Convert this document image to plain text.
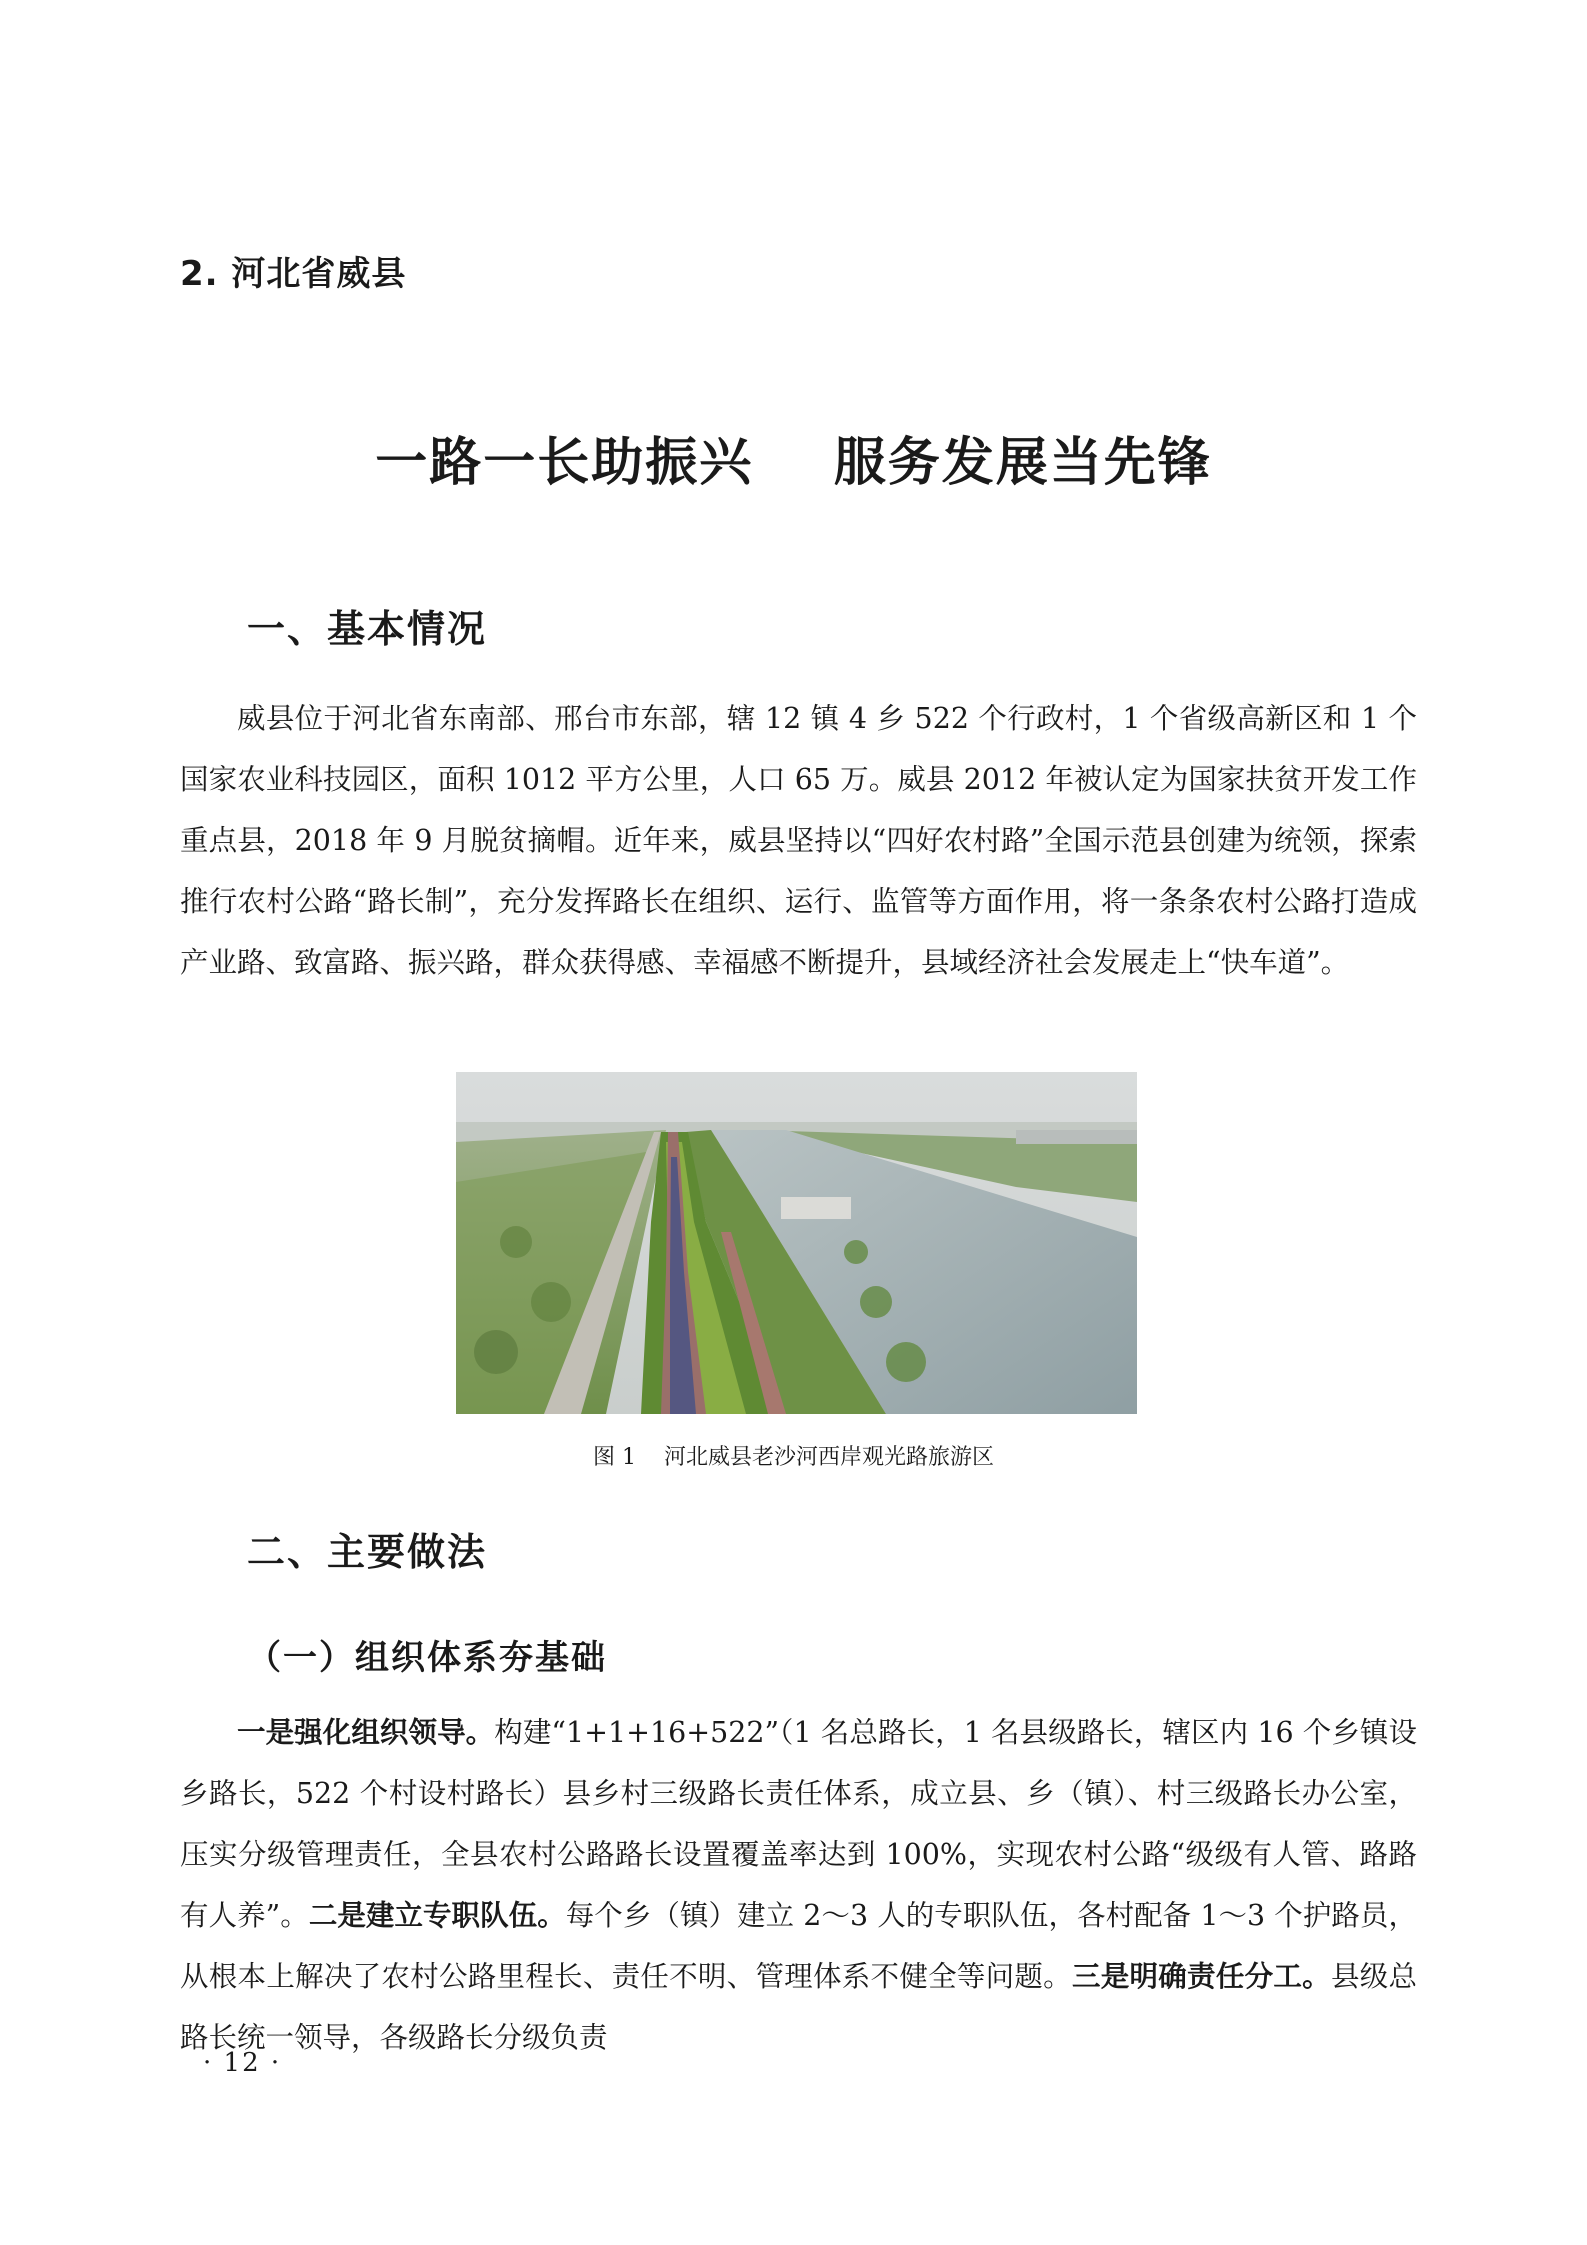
2. 河北省威县
一路一长助振兴    服务发展当先锋
一、基本情况
威县位于河北省东南部、邢台市东部，辖 12 镇 4 乡 522 个行政村，1 个省级高新区和 1 个国家农业科技园区，面积 1012 平方公里，人口 65 万。威县 2012 年被认定为国家扶贫开发工作重点县，2018 年 9 月脱贫摘帽。近年来，威县坚持以“四好农村路”全国示范县创建为统领，探索推行农村公路“路长制”，充分发挥路长在组织、运行、监管等方面作用，将一条条农村公路打造成产业路、致富路、振兴路，群众获得感、幸福感不断提升，县域经济社会发展走上“快车道”。
图 1    河北威县老沙河西岸观光路旅游区
二、主要做法
（一）组织体系夯基础
一是强化组织领导。构建“1+1+16+522”（1 名总路长，1 名县级路长，辖区内 16 个乡镇设乡路长，522 个村设村路长）县乡村三级路长责任体系，成立县、乡（镇）、村三级路长办公室，压实分级管理责任，全县农村公路路长设置覆盖率达到 100%，实现农村公路“级级有人管、路路有人养”。二是建立专职队伍。每个乡（镇）建立 2～3 人的专职队伍，各村配备 1～3 个护路员，从根本上解决了农村公路里程长、责任不明、管理体系不健全等问题。三是明确责任分工。县级总路长统一领导，各级路长分级负责
· 12 ·
